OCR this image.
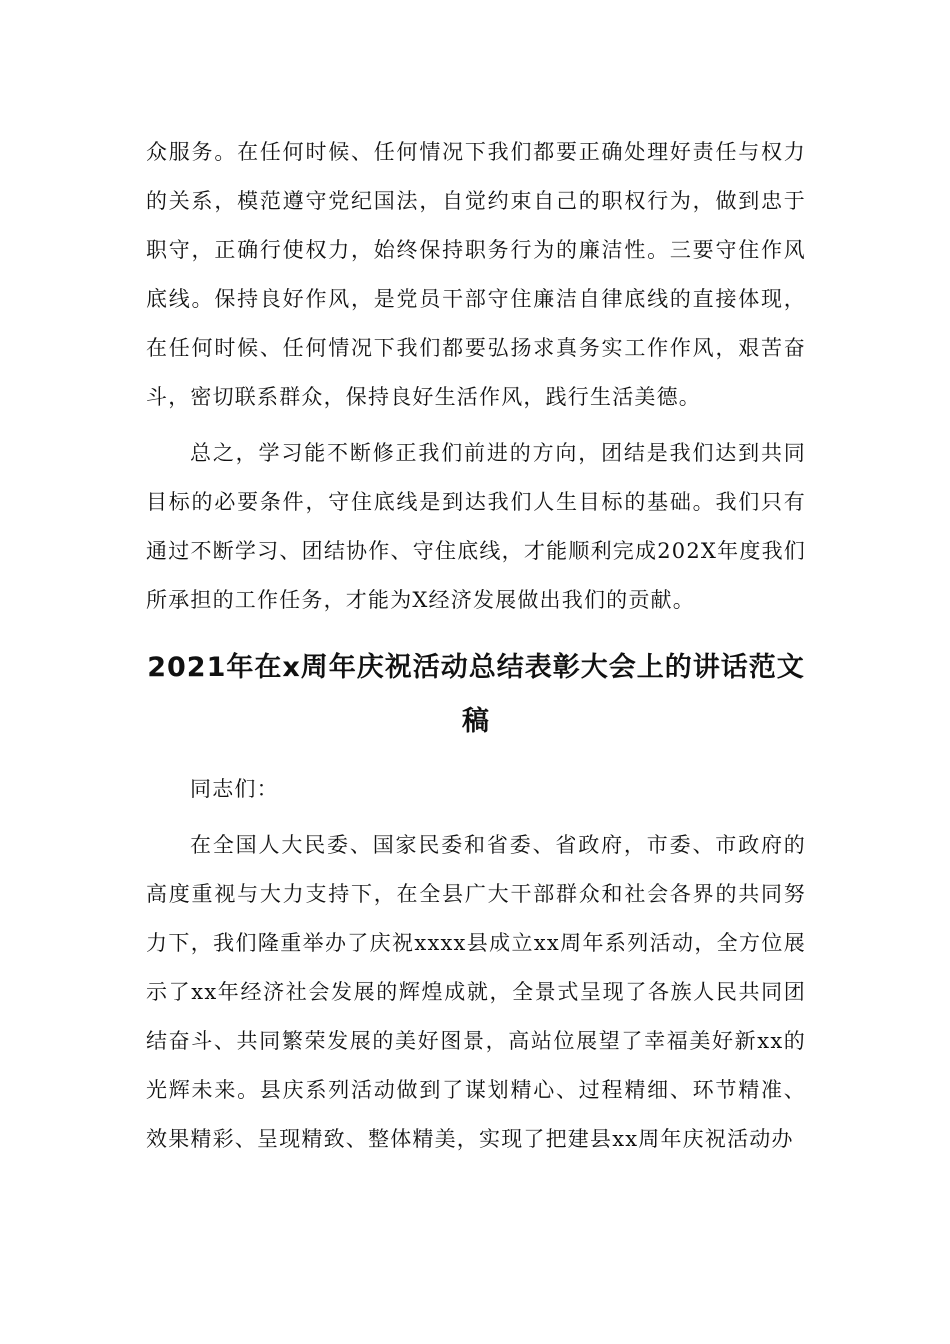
众服务。在任何时候、任何情况下我们都要正确处理好责任与权力的关系，模范遵守党纪国法，自觉约束自己的职权行为，做到忠于职守，正确行使权力，始终保持职务行为的廉洁性。三要守住作风底线。保持良好作风，是党员干部守住廉洁自律底线的直接体现，在任何时候、任何情况下我们都要弘扬求真务实工作作风，艰苦奋斗，密切联系群众，保持良好生活作风，践行生活美德。

总之，学习能不断修正我们前进的方向，团结是我们达到共同目标的必要条件，守住底线是到达我们人生目标的基础。我们只有通过不断学习、团结协作、守住底线，才能顺利完成202X年度我们所承担的工作任务，才能为X经济发展做出我们的贡献。

2021年在x周年庆祝活动总结表彰大会上的讲话范文稿

同志们：

在全国人大民委、国家民委和省委、省政府，市委、市政府的高度重视与大力支持下，在全县广大干部群众和社会各界的共同努力下，我们隆重举办了庆祝xxxx县成立xx周年系列活动，全方位展示了xx年经济社会发展的辉煌成就，全景式呈现了各族人民共同团结奋斗、共同繁荣发展的美好图景，高站位展望了幸福美好新xx的光辉未来。县庆系列活动做到了谋划精心、过程精细、环节精准、效果精彩、呈现精致、整体精美，实现了把建县xx周年庆祝活动办
